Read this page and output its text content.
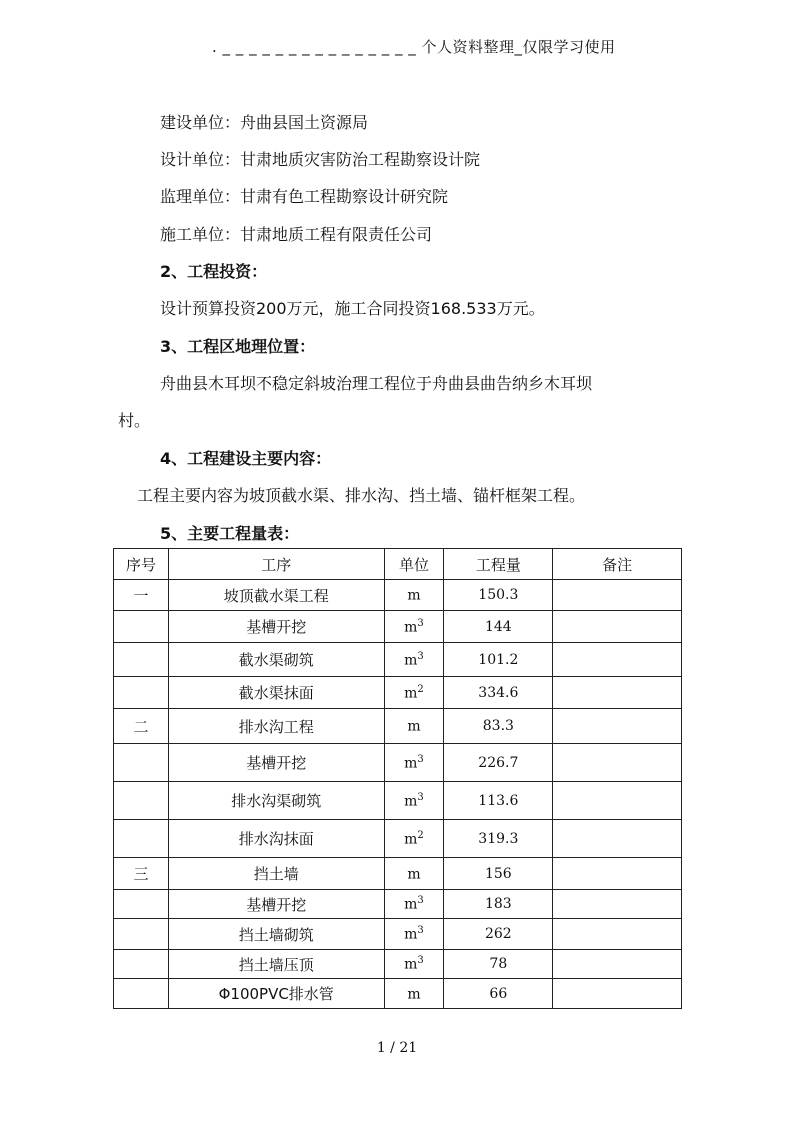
. _ _ _ _ _ _ _ _ _ _ _ _ _ _ _ 个人资料整理_仅限学习使用
建设单位：舟曲县国土资源局
设计单位：甘肃地质灾害防治工程勘察设计院
监理单位：甘肃有色工程勘察设计研究院
施工单位：甘肃地质工程有限责任公司
2、工程投资：
设计预算投资200万元，施工合同投资168.533万元。
3、工程区地理位置：
舟曲县木耳坝不稳定斜坡治理工程位于舟曲县曲告纳乡木耳坝
村。
4、工程建设主要内容：
工程主要内容为坡顶截水渠、排水沟、挡土墙、锚杆框架工程。
5、主要工程量表：
序号	工序	单位	工程量	备注
一	坡顶截水渠工程	m	150.3	
	基槽开挖	$m^3$	144	
	截水渠砌筑	$m^3$	101.2	
	截水渠抹面	$m^2$	334.6	
二	排水沟工程	m	83.3	
	基槽开挖	$m^3$	226.7	
	排水沟渠砌筑	$m^3$	113.6	
	排水沟抹面	$m^2$	319.3	
三	挡土墙	m	156	
	基槽开挖	$m^3$	183	
	挡土墙砌筑	$m^3$	262	
	挡土墙压顶	$m^3$	78	
	Φ100PVC排水管	m	66	
1 / 21
